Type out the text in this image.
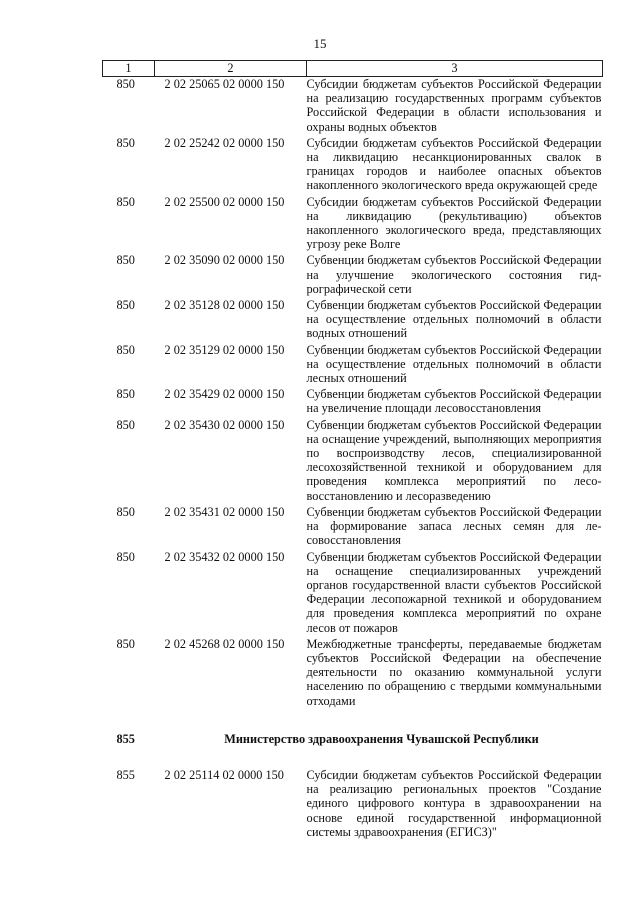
15
1	2	3
850	2 02 25065 02 0000 150	Субсидии бюджетам субъектов Российской Федерации на реализацию государственных программ субъектов Российской Федерации в области использования и охраны водных объектов
850	2 02 25242 02 0000 150	Субсидии бюджетам субъектов Российской Федерации на ликвидацию несанкционированных свалок в границах городов и наиболее опасных объектов накопленного экологического вреда окружающей среде
850	2 02 25500 02 0000 150	Субсидии бюджетам субъектов Российской Федерации на ликвидацию (рекультивацию) объектов накопленного экологического вреда, представляющих угрозу реке Волге
850	2 02 35090 02 0000 150	Субвенции бюджетам субъектов Российской Федерации на улучшение экологического состояния гидрографической сети
850	2 02 35128 02 0000 150	Субвенции бюджетам субъектов Российской Федерации на осуществление отдельных полномочий в области водных отношений
850	2 02 35129 02 0000 150	Субвенции бюджетам субъектов Российской Федерации на осуществление отдельных полномочий в области лесных отношений
850	2 02 35429 02 0000 150	Субвенции бюджетам субъектов Российской Федерации на увеличение площади лесовосстановления
850	2 02 35430 02 0000 150	Субвенции бюджетам субъектов Российской Федерации на оснащение учреждений, выполняющих мероприятия по воспроизводству лесов, специализированной лесохозяйственной техникой и оборудованием для проведения комплекса мероприятий по лесовосстановлению и лесоразведению
850	2 02 35431 02 0000 150	Субвенции бюджетам субъектов Российской Федерации на формирование запаса лесных семян для лесовосстановления
850	2 02 35432 02 0000 150	Субвенции бюджетам субъектов Российской Федерации на оснащение специализированных учреждений органов государственной власти субъектов Российской Федерации лесопожарной техникой и оборудованием для проведения комплекса мероприятий по охране лесов от пожаров
850	2 02 45268 02 0000 150	Межбюджетные трансферты, передаваемые бюджетам субъектов Российской Федерации на обеспечение деятельности по оказанию коммунальной услуги населению по обращению с твердыми коммунальными отходами
855	Министерство здравоохранения Чувашской Республики	
855	2 02 25114 02 0000 150	Субсидии бюджетам субъектов Российской Федерации на реализацию региональных проектов "Создание единого цифрового контура в здравоохранении на основе единой государственной информационной системы здравоохранения (ЕГИСЗ)"
